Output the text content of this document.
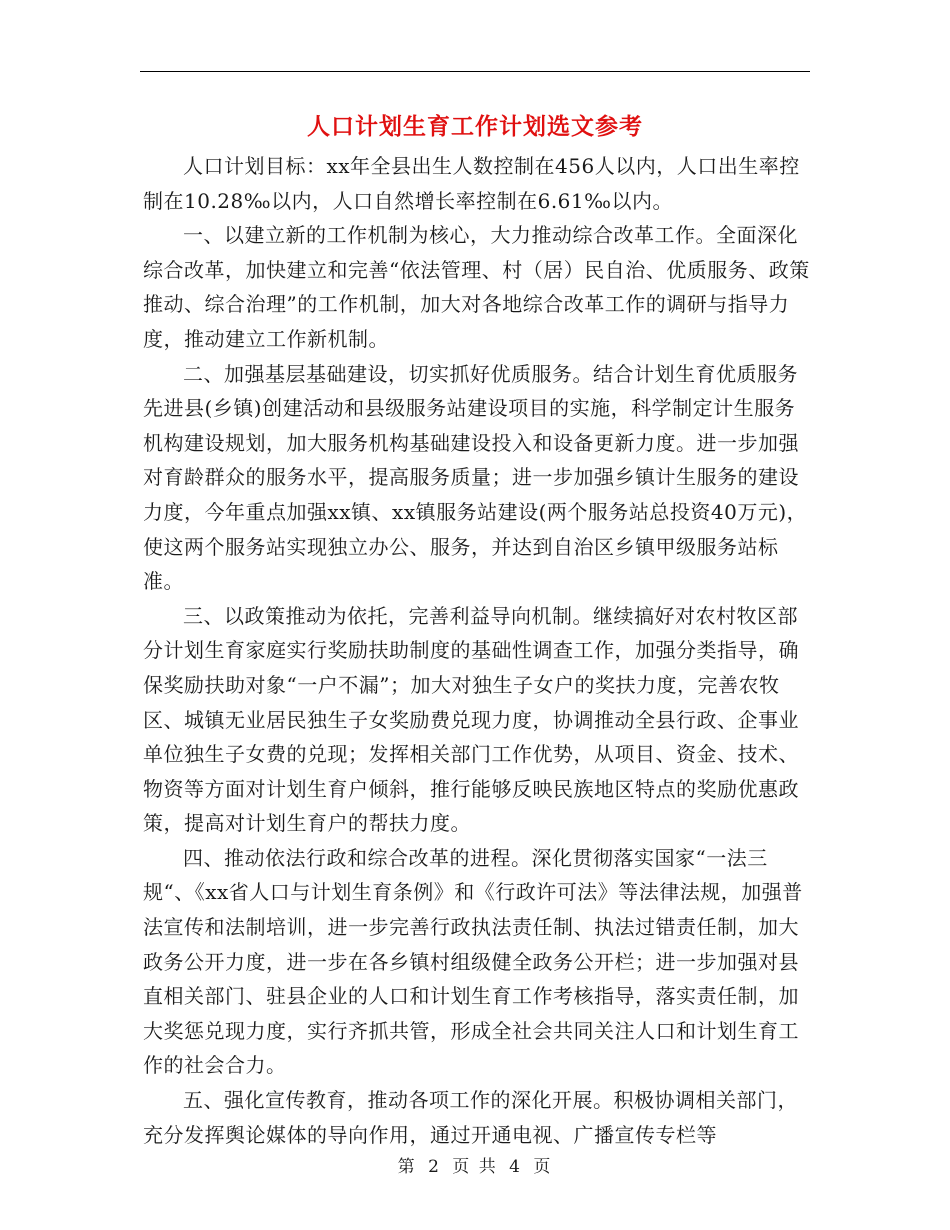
人口计划生育工作计划选文参考

人口计划目标：xx年全县出生人数控制在456人以内，人口出生率控制在10.28‰以内，人口自然增长率控制在6.61‰以内。

一、以建立新的工作机制为核心，大力推动综合改革工作。全面深化综合改革，加快建立和完善“依法管理、村（居）民自治、优质服务、政策推动、综合治理”的工作机制，加大对各地综合改革工作的调研与指导力度，推动建立工作新机制。

二、加强基层基础建设，切实抓好优质服务。结合计划生育优质服务先进县(乡镇)创建活动和县级服务站建设项目的实施，科学制定计生服务机构建设规划，加大服务机构基础建设投入和设备更新力度。进一步加强对育龄群众的服务水平，提高服务质量；进一步加强乡镇计生服务的建设力度，今年重点加强xx镇、xx镇服务站建设(两个服务站总投资40万元)，使这两个服务站实现独立办公、服务，并达到自治区乡镇甲级服务站标准。

三、以政策推动为依托，完善利益导向机制。继续搞好对农村牧区部分计划生育家庭实行奖励扶助制度的基础性调查工作，加强分类指导，确保奖励扶助对象“一户不漏”；加大对独生子女户的奖扶力度，完善农牧区、城镇无业居民独生子女奖励费兑现力度，协调推动全县行政、企事业单位独生子女费的兑现；发挥相关部门工作优势，从项目、资金、技术、物资等方面对计划生育户倾斜，推行能够反映民族地区特点的奖励优惠政策，提高对计划生育户的帮扶力度。

四、推动依法行政和综合改革的进程。深化贯彻落实国家“一法三规“、《xx省人口与计划生育条例》和《行政许可法》等法律法规，加强普法宣传和法制培训，进一步完善行政执法责任制、执法过错责任制，加大政务公开力度，进一步在各乡镇村组级健全政务公开栏；进一步加强对县直相关部门、驻县企业的人口和计划生育工作考核指导，落实责任制，加大奖惩兑现力度，实行齐抓共管，形成全社会共同关注人口和计划生育工作的社会合力。

五、强化宣传教育，推动各项工作的深化开展。积极协调相关部门，充分发挥舆论媒体的导向作用，通过开通电视、广播宣传专栏等

第 2 页 共 4 页
